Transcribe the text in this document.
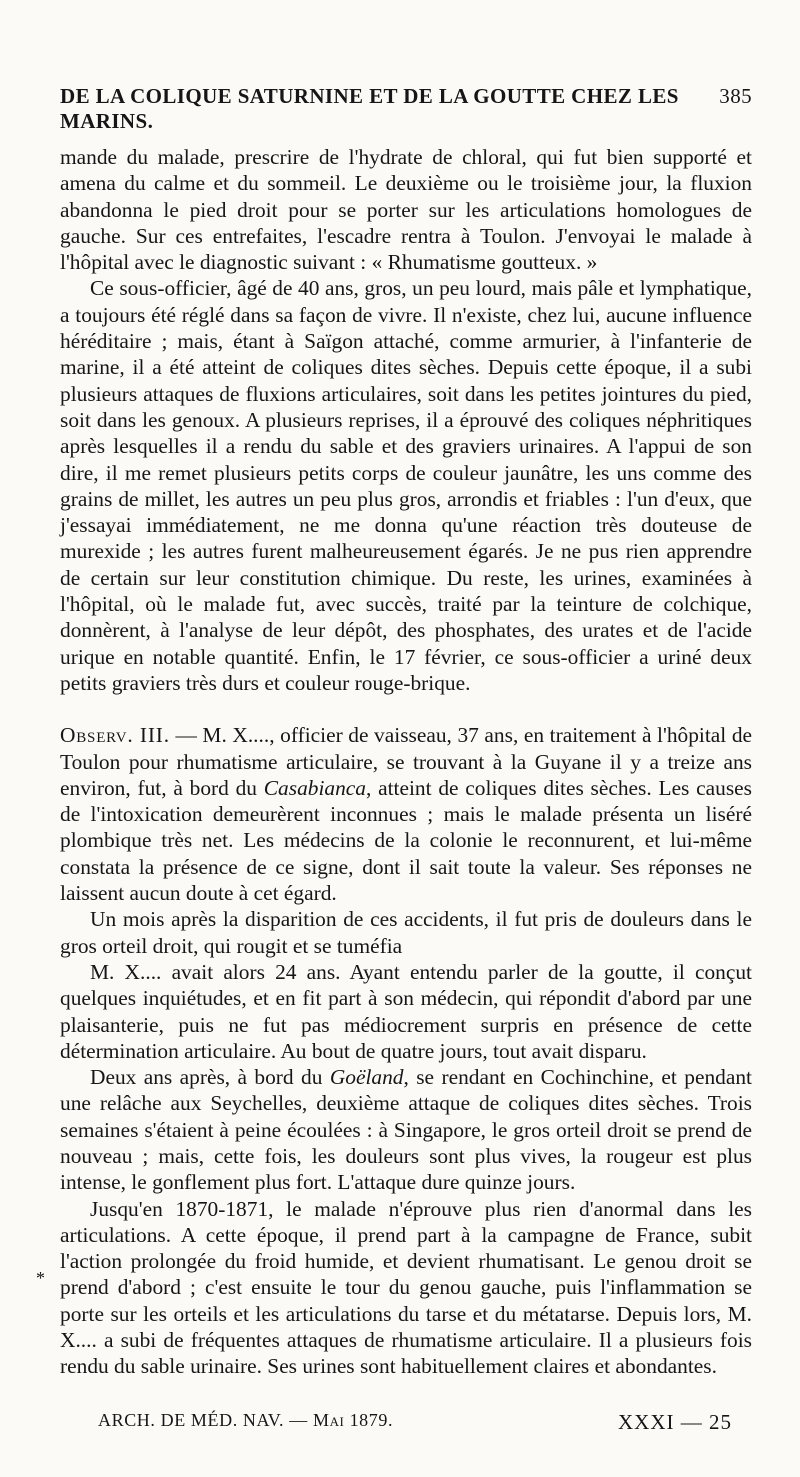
DE LA COLIQUE SATURNINE ET DE LA GOUTTE CHEZ LES MARINS.
385

mande du malade, prescrire de l'hydrate de chloral, qui fut bien supporté et amena du calme et du sommeil. Le deuxième ou le troisième jour, la fluxion abandonna le pied droit pour se porter sur les articulations homologues de gauche. Sur ces entrefaites, l'escadre rentra à Toulon. J'envoyai le malade à l'hôpital avec le diagnostic suivant : « Rhumatisme goutteux. »

Ce sous-officier, âgé de 40 ans, gros, un peu lourd, mais pâle et lymphatique, a toujours été réglé dans sa façon de vivre. Il n'existe, chez lui, aucune influence héréditaire ; mais, étant à Saïgon attaché, comme armurier, à l'infanterie de marine, il a été atteint de coliques dites sèches. Depuis cette époque, il a subi plusieurs attaques de fluxions articulaires, soit dans les petites jointures du pied, soit dans les genoux. A plusieurs reprises, il a éprouvé des coliques néphritiques après lesquelles il a rendu du sable et des graviers urinaires. A l'appui de son dire, il me remet plusieurs petits corps de couleur jaunâtre, les uns comme des grains de millet, les autres un peu plus gros, arrondis et friables : l'un d'eux, que j'essayai immédiatement, ne me donna qu'une réaction très douteuse de murexide ; les autres furent malheureusement égarés. Je ne pus rien apprendre de certain sur leur constitution chimique. Du reste, les urines, examinées à l'hôpital, où le malade fut, avec succès, traité par la teinture de colchique, donnèrent, à l'analyse de leur dépôt, des phosphates, des urates et de l'acide urique en notable quantité. Enfin, le 17 février, ce sous-officier a uriné deux petits graviers très durs et couleur rouge-brique.

Observ. III. — M. X...., officier de vaisseau, 37 ans, en traitement à l'hôpital de Toulon pour rhumatisme articulaire, se trouvant à la Guyane il y a treize ans environ, fut, à bord du Casabianca, atteint de coliques dites sèches. Les causes de l'intoxication demeurèrent inconnues ; mais le malade présenta un liséré plombique très net. Les médecins de la colonie le reconnurent, et lui-même constata la présence de ce signe, dont il sait toute la valeur. Ses réponses ne laissent aucun doute à cet égard.

Un mois après la disparition de ces accidents, il fut pris de douleurs dans le gros orteil droit, qui rougit et se tuméfia

M. X.... avait alors 24 ans. Ayant entendu parler de la goutte, il conçut quelques inquiétudes, et en fit part à son médecin, qui répondit d'abord par une plaisanterie, puis ne fut pas médiocrement surpris en présence de cette détermination articulaire. Au bout de quatre jours, tout avait disparu.

Deux ans après, à bord du Goëland, se rendant en Cochinchine, et pendant une relâche aux Seychelles, deuxième attaque de coliques dites sèches. Trois semaines s'étaient à peine écoulées : à Singapore, le gros orteil droit se prend de nouveau ; mais, cette fois, les douleurs sont plus vives, la rougeur est plus intense, le gonflement plus fort. L'attaque dure quinze jours.

Jusqu'en 1870-1871, le malade n'éprouve plus rien d'anormal dans les articulations. A cette époque, il prend part à la campagne de France, subit l'action prolongée du froid humide, et devient rhumatisant. Le genou droit se prend d'abord ; c'est ensuite le tour du genou gauche, puis l'inflammation se porte sur les orteils et les articulations du tarse et du métatarse. Depuis lors, M. X.... a subi de fréquentes attaques de rhumatisme articulaire. Il a plusieurs fois rendu du sable urinaire. Ses urines sont habituellement claires et abondantes.

*
ARCH. DE MÉD. NAV. — Mai 1879.	XXXI — 25
